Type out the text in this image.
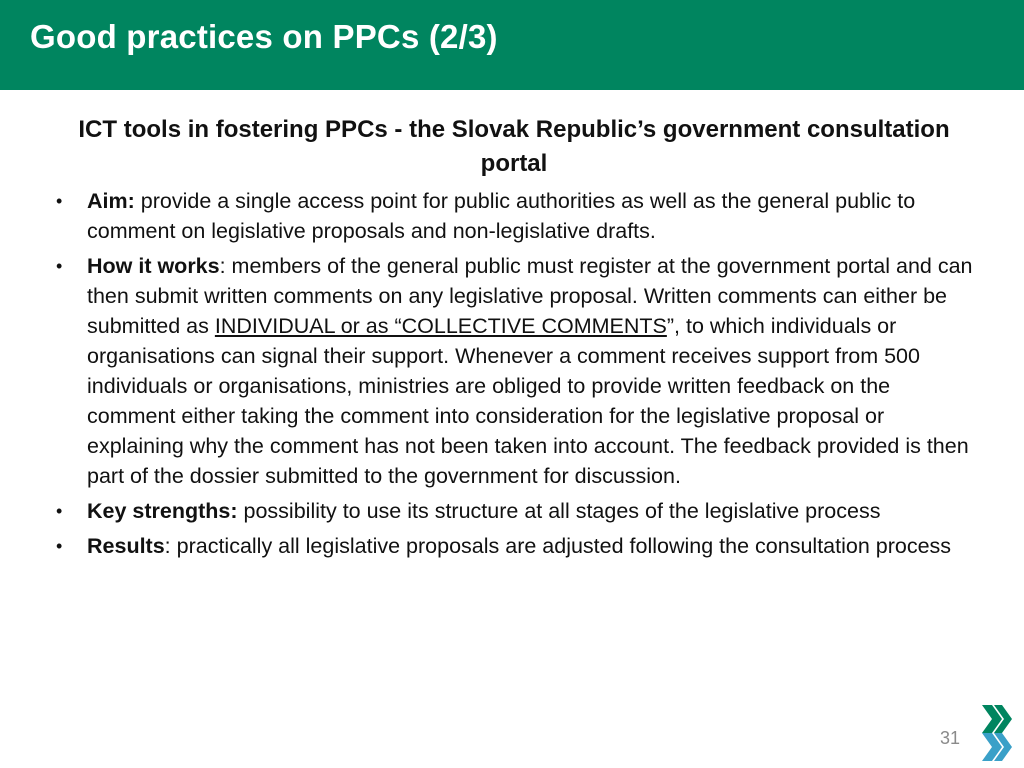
Good practices on PPCs (2/3)
ICT tools in fostering PPCs - the Slovak Republic’s government consultation portal
•	Aim: provide a single access point for public authorities as well as the general public to comment on legislative proposals and non-legislative drafts.
•	How it works: members of the general public must register at the government portal and can then submit written comments on any legislative proposal. Written comments can either be submitted as INDIVIDUAL or as “COLLECTIVE COMMENTS”, to which individuals or organisations can signal their support. Whenever a comment receives support from 500 individuals or organisations, ministries are obliged to provide written feedback on the comment either taking the comment into consideration for the legislative proposal or explaining why the comment has not been taken into account. The feedback provided is then part of the dossier submitted to the government for discussion.
•	Key strengths: possibility to use its structure at all stages of the legislative process
•	Results: practically all legislative proposals are adjusted following the consultation process
31
